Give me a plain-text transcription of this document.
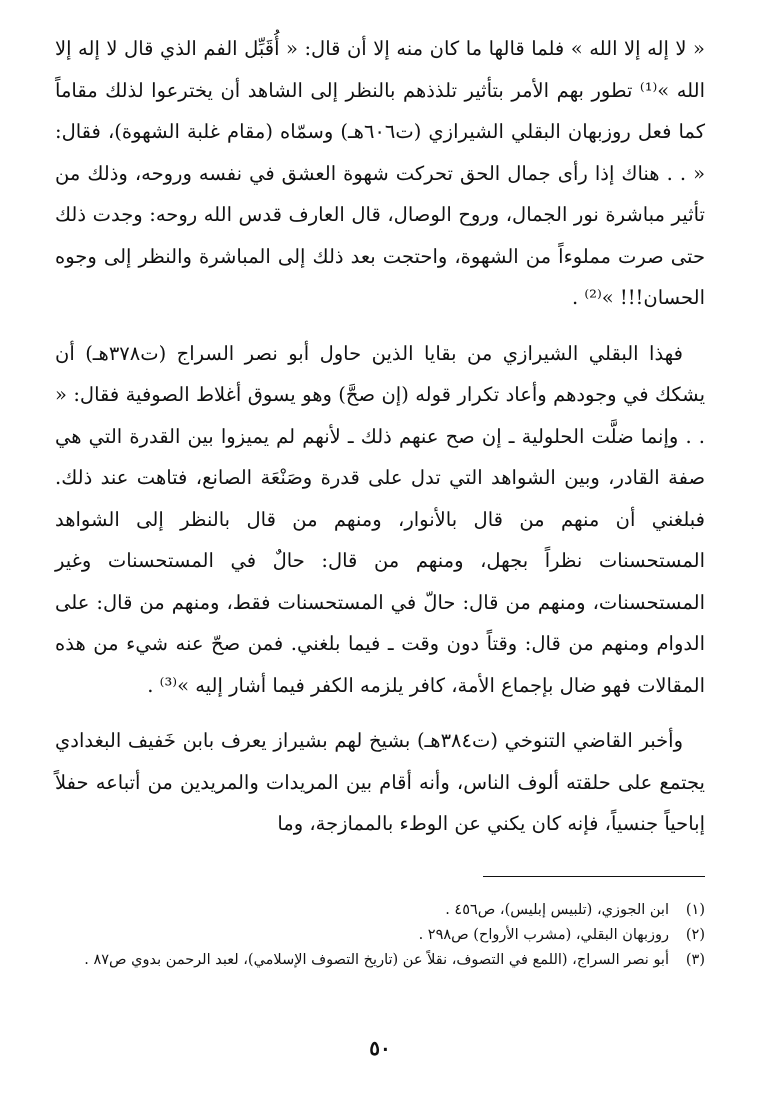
« لا إله إلا الله » فلما قالها ما كان منه إلا أن قال: « أُقَبِّل الفم الذي قال لا إله إلا الله »⁽¹⁾ تطور بهم الأمر بتأثير تلذذهم بالنظر إلى الشاهد أن يخترعوا لذلك مقاماً كما فعل روزبهان البقلي الشيرازي (ت٦٠٦هـ) وسمّاه (مقام غلبة الشهوة)، فقال: « . . هناك إذا رأى جمال الحق تحركت شهوة العشق في نفسه وروحه، وذلك من تأثير مباشرة نور الجمال، وروح الوصال، قال العارف قدس الله روحه: وجدت ذلك حتى صرت مملوءاً من الشهوة، واحتجت بعد ذلك إلى المباشرة والنظر إلى وجوه الحسان!!! »⁽²⁾ .

فهذا البقلي الشيرازي من بقايا الذين حاول أبو نصر السراج (ت٣٧٨هـ) أن يشكك في وجودهم وأعاد تكرار قوله (إن صحَّ) وهو يسوق أغلاط الصوفية فقال: « . . وإنما ضلَّت الحلولية ـ إن صح عنهم ذلك ـ لأنهم لم يميزوا بين القدرة التي هي صفة القادر، وبين الشواهد التي تدل على قدرة وصَنْعَة الصانع، فتاهت عند ذلك. فبلغني أن منهم من قال بالأنوار، ومنهم من قال بالنظر إلى الشواهد المستحسنات نظراً بجهل، ومنهم من قال: حالٌ في المستحسنات وغير المستحسنات، ومنهم من قال: حالّ في المستحسنات فقط، ومنهم من قال: على الدوام ومنهم من قال: وقتاً دون وقت ـ فيما بلغني. فمن صحّ عنه شيء من هذه المقالات فهو ضال بإجماع الأمة، كافر يلزمه الكفر فيما أشار إليه »⁽³⁾ .

وأخبر القاضي التنوخي (ت٣٨٤هـ) بشيخ لهم بشيراز يعرف بابن خَفيف البغدادي يجتمع على حلقته ألوف الناس، وأنه أقام بين المريدات والمريدين من أتباعه حفلاً إباحياً جنسياً، فإنه كان يكني عن الوطء بالممازجة، وما

(١)
ابن الجوزي، (تلبيس إبليس)، ص٤٥٦ .
(٢)
روزبهان البقلي، (مشرب الأرواح) ص٢٩٨ .
(٣)
أبو نصر السراج، (اللمع في التصوف، نقلاً عن (تاريخ التصوف الإسلامي)، لعبد الرحمن بدوي ص٨٧ .
٥٠
